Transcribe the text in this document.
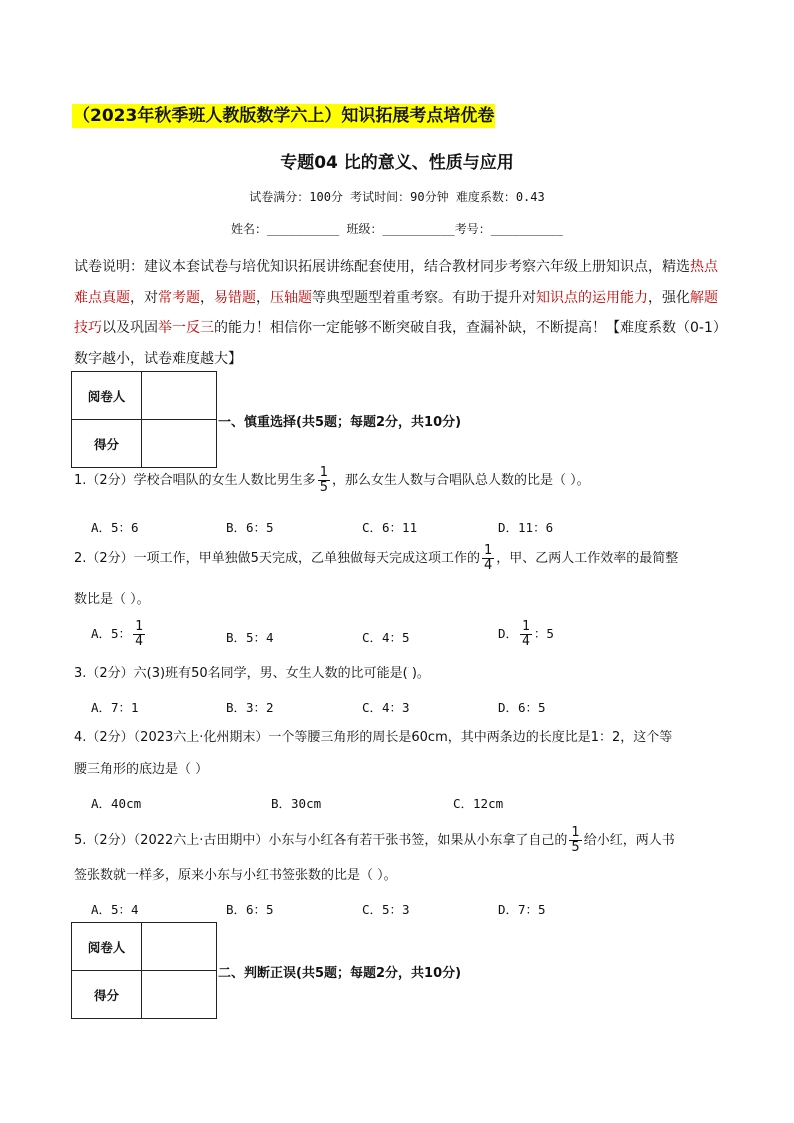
（2023年秋季班人教版数学六上）知识拓展考点培优卷
专题04 比的意义、性质与应用
试卷满分：100分 考试时间：90分钟 难度系数：0.43
姓名：__________ 班级：__________考号：__________
试卷说明：建议本套试卷与培优知识拓展讲练配套使用，结合教材同步考察六年级上册知识点，精选热点难点真题，对常考题，易错题，压轴题等典型题型着重考察。有助于提升对知识点的运用能力，强化解题技巧以及巩固举一反三的能力！相信你一定能够不断突破自我，查漏补缺，不断提高！【难度系数（0-1）数字越小，试卷难度越大】
阅卷人	
得分	
一、慎重选择(共5题；每题2分，共10分)
1.（2分）学校合唱队的女生人数比男生多 $\frac{1}{5}$ ，那么女生人数与合唱队总人数的比是（ ）。
A．5：6	B．6：5	C．6：11	D．11：6
2.（2分）一项工作，甲单独做5天完成，乙单独做每天完成这项工作的 $\frac{1}{4}$ ，甲、乙两人工作效率的最简整
数比是（ ）。
A．5： $\frac{1}{4}$	B．5：4	C．4：5	D． $\frac{1}{4}$ ：5
3.（2分）六(3)班有50名同学，男、女生人数的比可能是( )。
A．7：1	B．3：2	C．4：3	D．6：5
4.（2分）（2023六上·化州期末）一个等腰三角形的周长是60cm，其中两条边的长度比是1：2，这个等
腰三角形的底边是（ ）
A．40cm	B．30cm	C．12cm
5.（2分）（2022六上·古田期中）小东与小红各有若干张书签，如果从小东拿了自己的 $\frac{1}{5}$ 给小红，两人书
签张数就一样多，原来小东与小红书签张数的比是（ ）。
A．5：4	B．6：5	C．5：3	D．7：5
阅卷人	
得分	
二、判断正误(共5题；每题2分，共10分)
